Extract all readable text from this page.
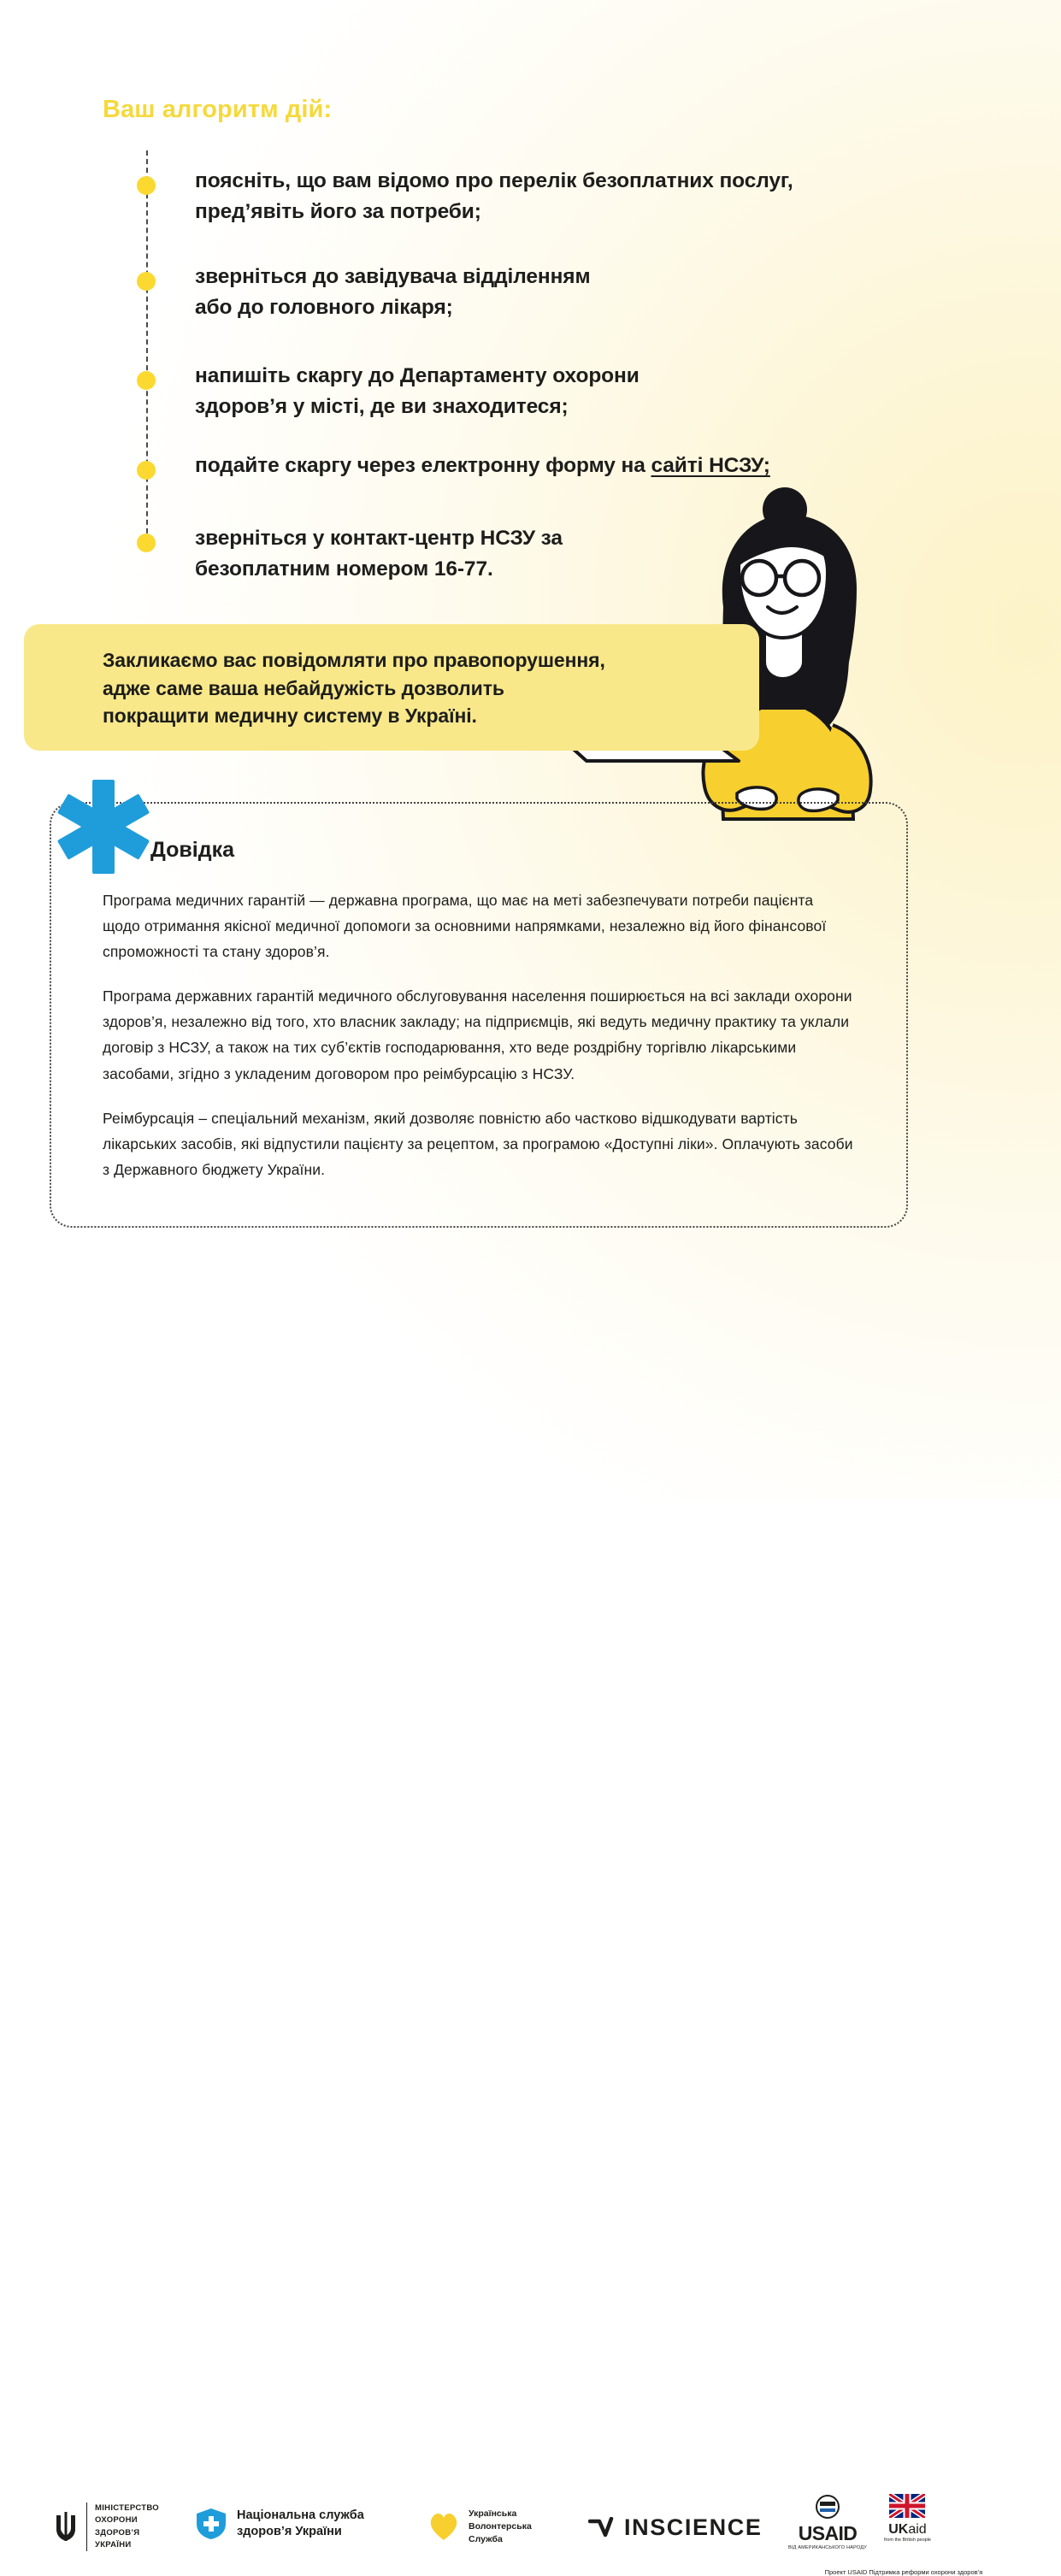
Ваш алгоритм дій:
поясніть, що вам відомо про перелік безоплатних послуг,
пред’явіть його за потреби;
зверніться до завідувача відділенням
або до головного лікаря;
напишіть скаргу до Департаменту охорони
здоров’я у місті, де ви знаходитеся;
подайте скаргу через електронну форму на сайті НСЗУ;
зверніться у контакт-центр НСЗУ за
безоплатним номером 16-77.
Закликаємо вас повідомляти про правопорушення,
адже саме ваша небайдужість дозволить
покращити медичну систему в Україні.
Довідка

Програма медичних гарантій — державна програма, що має на меті забезпечувати потреби пацієнта щодо отримання якісної медичної допомоги за основними напрямками, незалежно від його фінансової спроможності та стану здоров’я.

Програма державних гарантій медичного обслуговування населення поширюється на всі заклади охорони здоров’я, незалежно від того, хто власник закладу; на підприємців, які ведуть медичну практику та уклали договір з НСЗУ, а також на тих суб’єктів господарювання, хто веде роздрібну торгівлю лікарськими засобами, згідно з укладеним договором про реімбурсацію з НСЗУ.

Реімбурсація – спеціальний механізм, який дозволяє повністю або частково відшкодувати вартість лікарських засобів, які відпустили пацієнту за рецептом, за програмою «Доступні ліки». Оплачують засоби з Державного бюджету України.

МІНІСТЕРСТВО
ОХОРОНИ
ЗДОРОВ’Я
УКРАЇНИ
Національна служба
здоров’я України
Українська
Волонтерська
Служба	INSCIENCE	USAID
ВІД АМЕРИКАНСЬКОГО НАРОДУ
UKaid
from the British people
Проект USAID Підтримка реформи охорони здоров’я
